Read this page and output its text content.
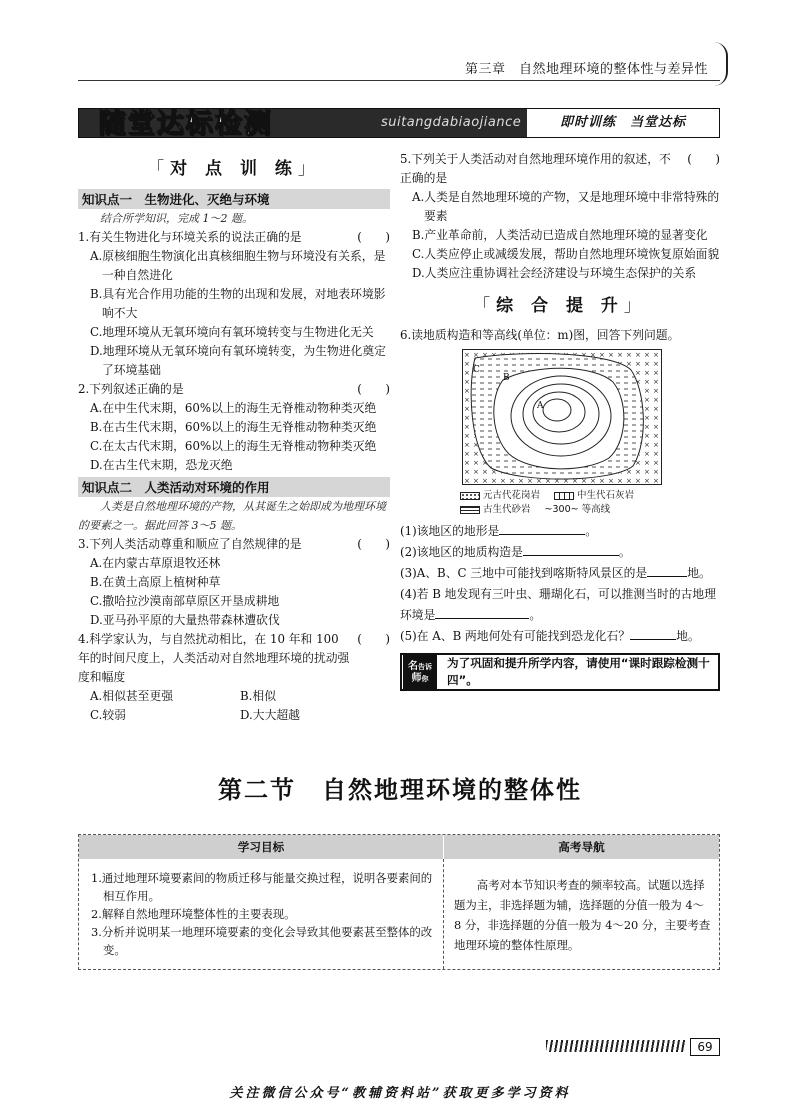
第三章　自然地理环境的整体性与差异性
随堂达标检测	suitangdabiaojiance	即时训练　当堂达标
「对 点 训 练」
知识点一　生物进化、灭绝与环境
结合所学知识，完成 1～2 题。
1.有关生物进化与环境关系的说法正确的是	(　　)
A.原核细胞生物演化出真核细胞生物与环境没有关系，是一种自然进化
B.具有光合作用功能的生物的出现和发展，对地表环境影响不大
C.地理环境从无氧环境向有氧环境转变与生物进化无关
D.地理环境从无氧环境向有氧环境转变，为生物进化奠定了环境基础
2.下列叙述正确的是	(　　)
A.在中生代末期，60%以上的海生无脊椎动物种类灭绝
B.在古生代末期，60%以上的海生无脊椎动物种类灭绝
C.在太古代末期，60%以上的海生无脊椎动物种类灭绝
D.在古生代末期，恐龙灭绝
知识点二　人类活动对环境的作用
人类是自然地理环境的产物，从其诞生之始即成为地理环境的要素之一。据此回答 3～5 题。
3.下列人类活动尊重和顺应了自然规律的是	(　　)
A.在内蒙古草原退牧还林
B.在黄土高原上植树种草
C.撒哈拉沙漠南部草原区开垦成耕地
D.亚马孙平原的大量热带森林遭砍伐
4.科学家认为，与自然扰动相比，在 10 年和 100 年的时间尺度上，人类活动对自然地理环境的扰动强度和幅度
(　　)
A.相似甚至更强	B.相似
C.较弱	D.大大超越
5.下列关于人类活动对自然地理环境作用的叙述，不正确的是
(　　)
A.人类是自然地理环境的产物，又是地理环境中非常特殊的要素
B.产业革命前，人类活动已造成自然地理环境的显著变化
C.人类应停止或减缓发展，帮助自然地理环境恢复原始面貌
D.人类应注重协调社会经济建设与环境生态保护的关系
「综 合 提 升」
6.读地质构造和等高线(单位：m)图，回答下列问题。
A
B
C
元古代花岗岩	中生代石灰岩
古生代砂岩 ~300~ 等高线
(1)该地区的地形是	。
(2)该地区的地质构造是	。
(3)A、B、C 三地中可能找到喀斯特风景区的是	地。
(4)若 B 地发现有三叶虫、珊瑚化石，可以推测当时的古地理环境是	。
(5)在 A、B 两地何处有可能找到恐龙化石？	地。
名告诉
师你
为了巩固和提升所学内容，请使用“课时跟踪检测十四”。
第二节　自然地理环境的整体性
学习目标	高考导航
1.通过地理环境要素间的物质迁移与能量交换过程，说明各要素间的相互作用。
2.解释自然地理环境整体性的主要表现。
3.分析并说明某一地理环境要素的变化会导致其他要素甚至整体的改变。
高考对本节知识考查的频率较高。试题以选择题为主，非选择题为辅，选择题的分值一般为 4～8 分，非选择题的分值一般为 4～20 分，主要考查地理环境的整体性原理。
69
关注微信公众号“教辅资料站”获取更多学习资料
